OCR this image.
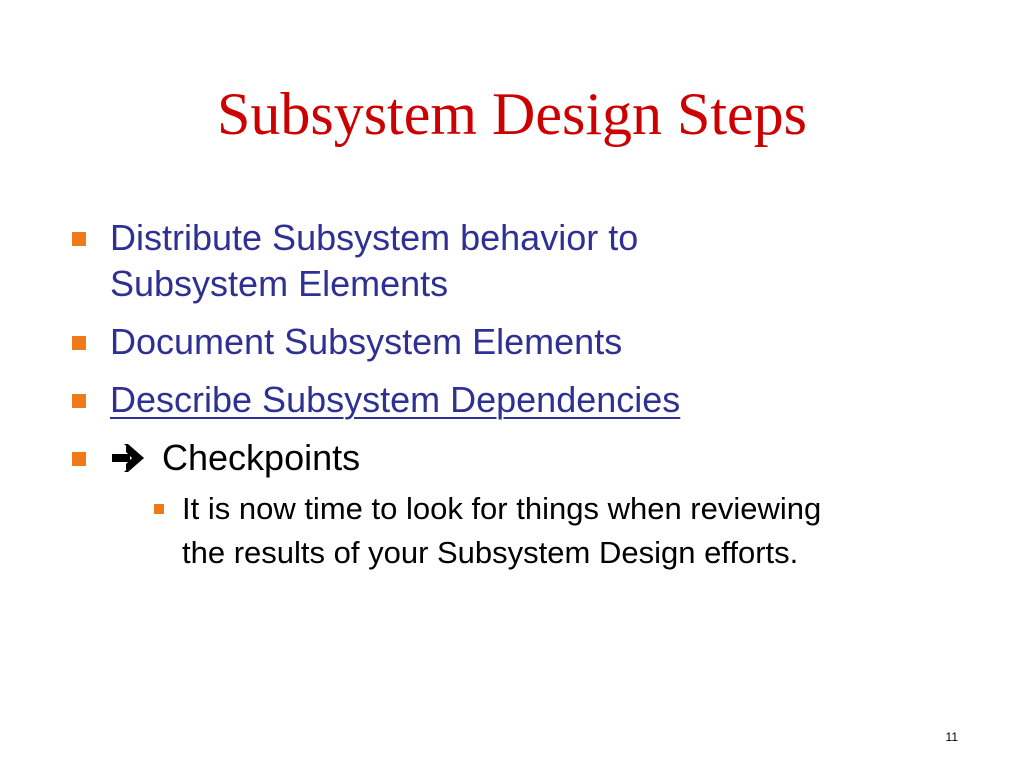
Subsystem Design Steps
Distribute Subsystem behavior to
Subsystem Elements
Document Subsystem Elements
Describe Subsystem Dependencies
Checkpoints
It is now time to look for things when reviewing
the results of your Subsystem Design efforts.
11
